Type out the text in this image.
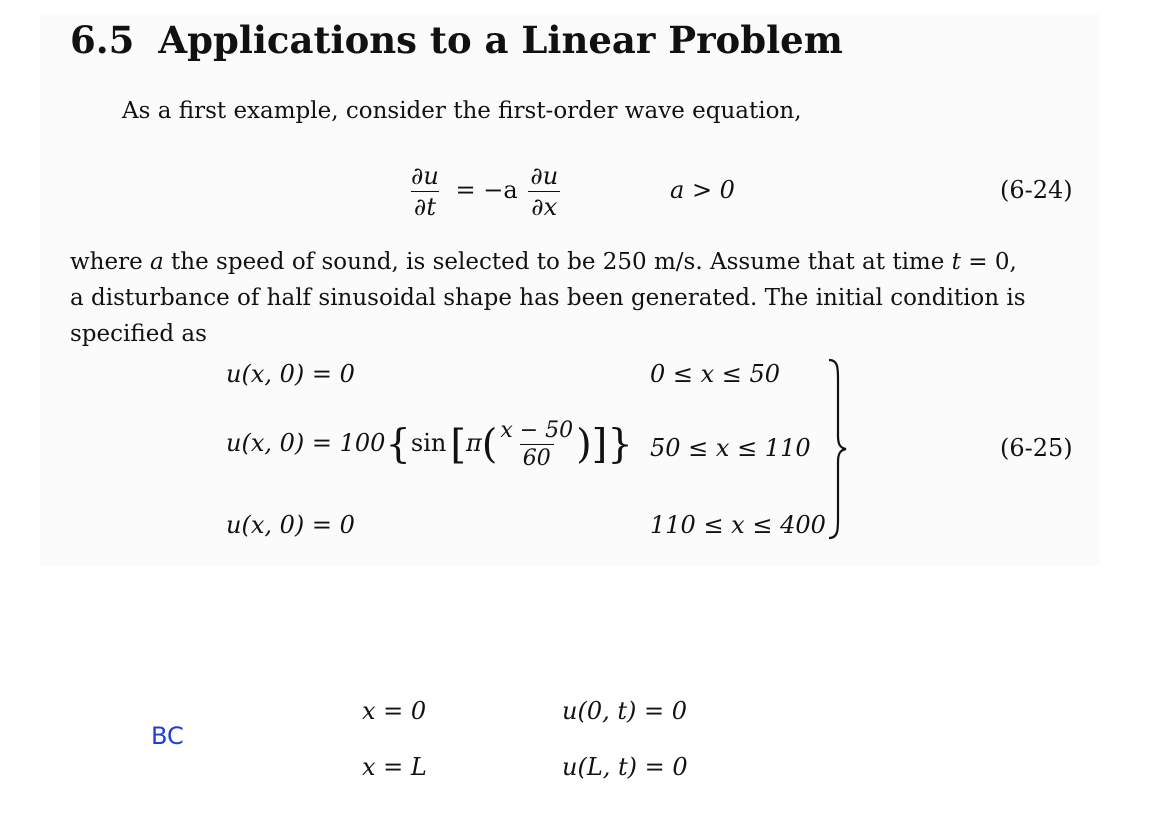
6.5 Applications to a Linear Problem
As a first example, consider the first-order wave equation,
$\frac{\partial u}{\partial t} = -a \frac{\partial u}{\partial x}$	a > 0	(6-24)
where a the speed of sound, is selected to be 250 m/s. Assume that at time t = 0,
a disturbance of half sinusoidal shape has been generated. The initial condition is
specified as
u(x, 0) = 0	0 ≤ x ≤ 50
u(x, 0) = 100{sin [$\pi( \frac{x - 50}{60}$ )]} 50 ≤ x ≤ 110
u(x, 0) = 0	110 ≤ x ≤ 400
(6-25)
BC
x = 0	u(0, t) = 0
x = L	u(L, t) = 0
